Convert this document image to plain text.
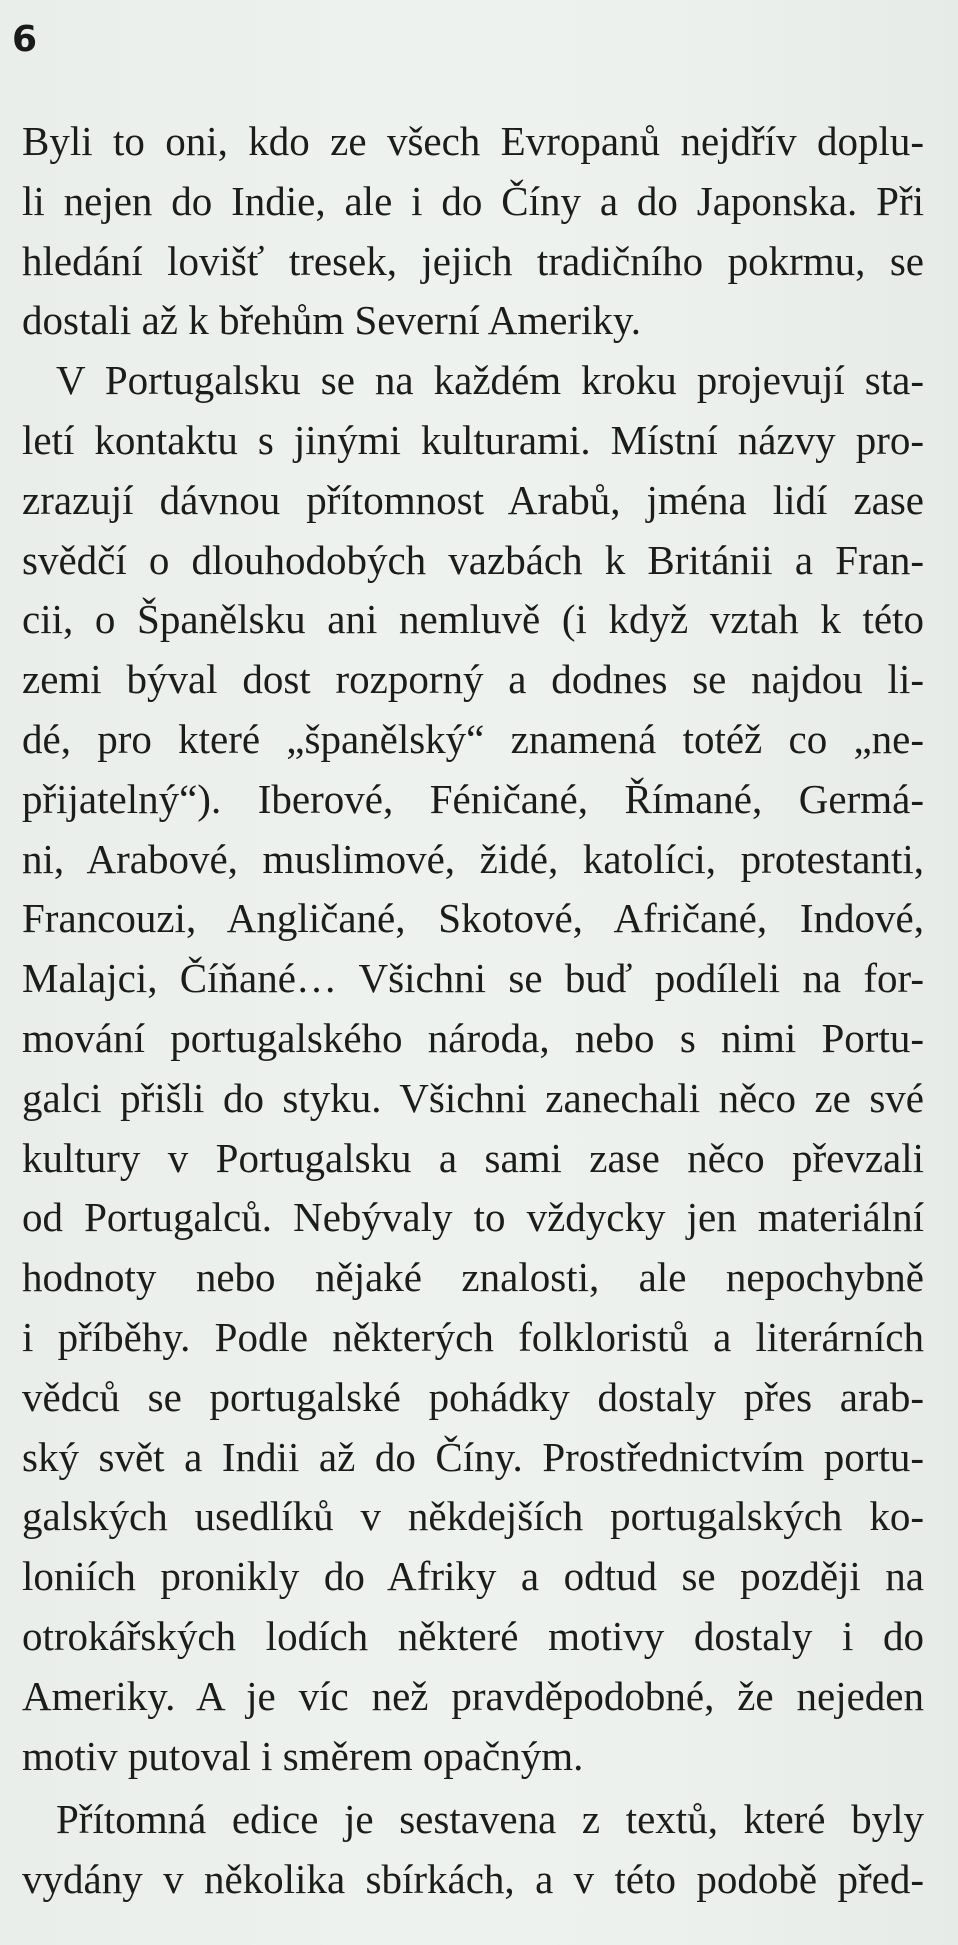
6
Byli to oni, kdo ze všech Evropanů nejdřív doplu-
li nejen do Indie, ale i do Číny a do Japonska. Při
hledání lovišť tresek, jejich tradičního pokrmu, se
dostali až k břehům Severní Ameriky.
V Portugalsku se na každém kroku projevují sta-
letí kontaktu s jinými kulturami. Místní názvy pro-
zrazují dávnou přítomnost Arabů, jména lidí zase
svědčí o dlouhodobých vazbách k Británii a Fran-
cii, o Španělsku ani nemluvě (i když vztah k této
zemi býval dost rozporný a dodnes se najdou li-
dé, pro které „španělský“ znamená totéž co „ne-
přijatelný“). Iberové, Féničané, Římané, Germá-
ni, Arabové, muslimové, židé, katolíci, protestanti,
Francouzi, Angličané, Skotové, Afričané, Indové,
Malajci, Číňané… Všichni se buď podíleli na for-
mování portugalského národa, nebo s nimi Portu-
galci přišli do styku. Všichni zanechali něco ze své
kultury v Portugalsku a sami zase něco převzali
od Portugalců. Nebývaly to vždycky jen materiální
hodnoty nebo nějaké znalosti, ale nepochybně
i příběhy. Podle některých folkloristů a literárních
vědců se portugalské pohádky dostaly přes arab-
ský svět a Indii až do Číny. Prostřednictvím portu-
galských usedlíků v někdejších portugalských ko-
loniích pronikly do Afriky a odtud se později na
otrokářských lodích některé motivy dostaly i do
Ameriky. A je víc než pravděpodobné, že nejeden
motiv putoval i směrem opačným.
Přítomná edice je sestavena z textů, které byly
vydány v několika sbírkách, a v této podobě před-
